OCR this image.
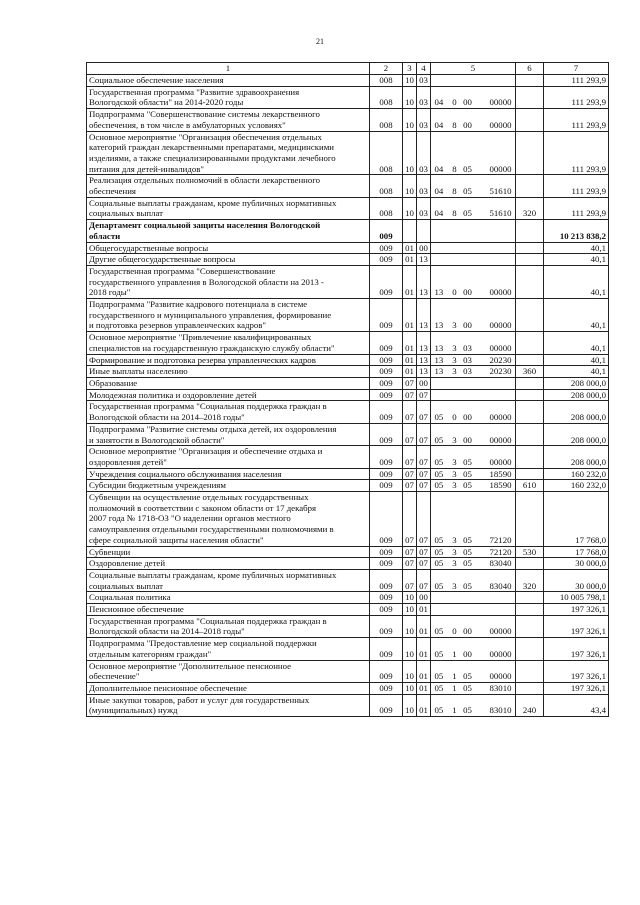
21
1	2	3	4	5	6	7
Социальное обеспечение населения	008	10	03			111 293,9
Государственная программа "Развитие здравоохранения
Вологодской области" на 2014-2020 годы	008	10	03	04 0 00 00000		111 293,9
Подпрограмма "Совершенствование системы лекарственного
обеспечения, в том числе в амбулаторных условиях"	008	10	03	04 8 00 00000		111 293,9
Основное мероприятие "Организация обеспечения отдельных
категорий граждан лекарственными препаратами, медицинскими
изделиями, а также специализированными продуктами лечебного
питания для детей-инвалидов"	008	10	03	04 8 05 00000		111 293,9
Реализация отдельных полномочий в области лекарственного
обеспечения	008	10	03	04 8 05 51610		111 293,9
Социальные выплаты гражданам, кроме публичных нормативных
социальных выплат	008	10	03	04 8 05 51610	320	111 293,9
Департамент социальной защиты населения Вологодской
области	009					10 213 838,2
Общегосударственные вопросы	009	01	00			40,1
Другие общегосударственные вопросы	009	01	13			40,1
Государственная программа "Совершенствование
государственного управления в Вологодской области на 2013 -
2018 годы"	009	01	13	13 0 00 00000		40,1
Подпрограмма "Развитие кадрового потенциала в системе
государственного и муниципального управления, формирование
и подготовка резервов управленческих кадров"	009	01	13	13 3 00 00000		40,1
Основное мероприятие "Привлечение квалифицированных
специалистов на государственную гражданскую службу области"	009	01	13	13 3 03 00000		40,1
Формирование и подготовка резерва управленческих кадров	009	01	13	13 3 03 20230		40,1
Иные выплаты населению	009	01	13	13 3 03 20230	360	40,1
Образование	009	07	00			208 000,0
Молодежная политика и оздоровление детей	009	07	07			208 000,0
Государственная программа "Социальная поддержка граждан в
Вологодской области на 2014–2018 годы"	009	07	07	05 0 00 00000		208 000,0
Подпрограмма "Развитие системы отдыха детей, их оздоровления
и занятости в Вологодской области"	009	07	07	05 3 00 00000		208 000,0
Основное мероприятие "Организация и обеспечение отдыха и
оздоровления детей"	009	07	07	05 3 05 00000		208 000,0
Учреждения социального обслуживания населения	009	07	07	05 3 05 18590		160 232,0
Субсидии бюджетным учреждениям	009	07	07	05 3 05 18590	610	160 232,0
Субвенции на осуществление отдельных государственных
полномочий в соответствии с законом области от 17 декабря
2007 года № 1718-ОЗ "О наделении органов местного
самоуправления отдельными государственными полномочиями в
сфере социальной защиты населения области"	009	07	07	05 3 05 72120		17 768,0
Субвенции	009	07	07	05 3 05 72120	530	17 768,0
Оздоровление детей	009	07	07	05 3 05 83040		30 000,0
Социальные выплаты гражданам, кроме публичных нормативных
социальных выплат	009	07	07	05 3 05 83040	320	30 000,0
Социальная политика	009	10	00			10 005 798,1
Пенсионное обеспечение	009	10	01			197 326,1
Государственная программа "Социальная поддержка граждан в
Вологодской области на 2014–2018 годы"	009	10	01	05 0 00 00000		197 326,1
Подпрограмма "Предоставление мер социальной поддержки
отдельным категориям граждан"	009	10	01	05 1 00 00000		197 326,1
Основное мероприятие "Дополнительное пенсионное
обеспечение"	009	10	01	05 1 05 00000		197 326,1
Дополнительное пенсионное обеспечение	009	10	01	05 1 05 83010		197 326,1
Иные закупки товаров, работ и услуг для государственных
(муниципальных) нужд	009	10	01	05 1 05 83010	240	43,4
